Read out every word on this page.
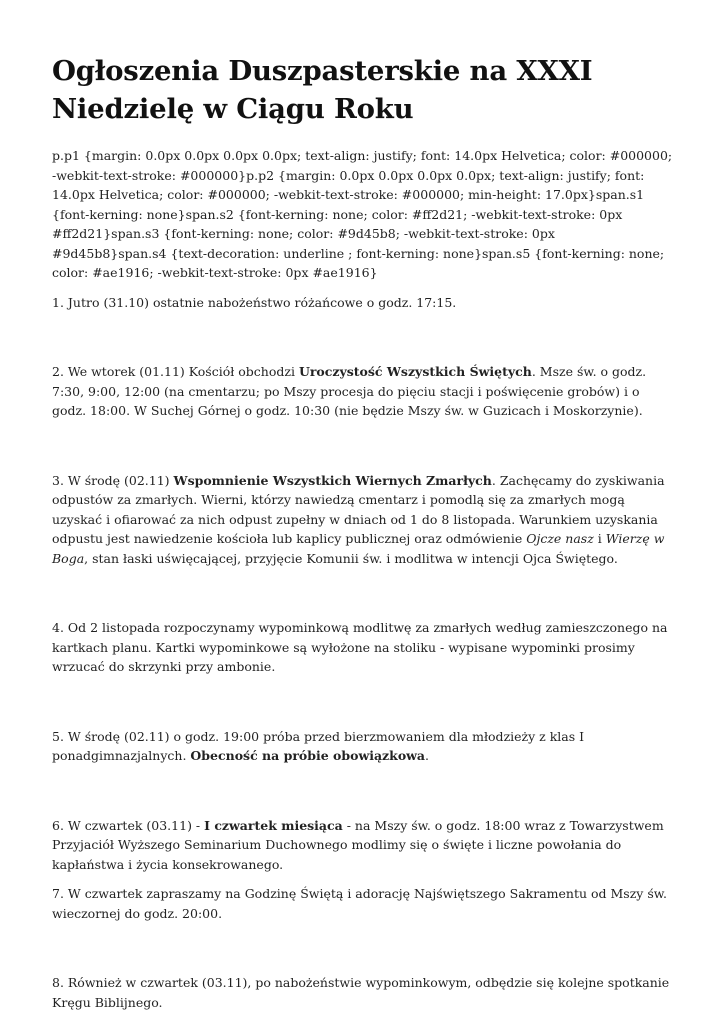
Ogłoszenia Duszpasterskie na XXXI Niedzielę w Ciągu Roku

p.p1 {margin: 0.0px 0.0px 0.0px 0.0px; text-align: justify; font: 14.0px Helvetica; color: #000000; -webkit-text-stroke: #000000}p.p2 {margin: 0.0px 0.0px 0.0px 0.0px; text-align: justify; font: 14.0px Helvetica; color: #000000; -webkit-text-stroke: #000000; min-height: 17.0px}span.s1 {font-kerning: none}span.s2 {font-kerning: none; color: #ff2d21; -webkit-text-stroke: 0px #ff2d21}span.s3 {font-kerning: none; color: #9d45b8; -webkit-text-stroke: 0px #9d45b8}span.s4 {text-decoration: underline ; font-kerning: none}span.s5 {font-kerning: none; color: #ae1916; -webkit-text-stroke: 0px #ae1916}

1. Jutro (31.10) ostatnie nabożeństwo różańcowe o godz. 17:15.

2. We wtorek (01.11) Kościół obchodzi Uroczystość Wszystkich Świętych. Msze św. o godz. 7:30, 9:00, 12:00 (na cmentarzu; po Mszy procesja do pięciu stacji i poświęcenie grobów) i o godz. 18:00. W Suchej Górnej o godz. 10:30 (nie będzie Mszy św. w Guzicach i Moskorzynie).

3. W środę (02.11) Wspomnienie Wszystkich Wiernych Zmarłych. Zachęcamy do zyskiwania odpustów za zmarłych. Wierni, którzy nawiedzą cmentarz i pomodlą się za zmarłych mogą uzyskać i ofiarować za nich odpust zupełny w dniach od 1 do 8 listopada. Warunkiem uzyskania odpustu jest nawiedzenie kościoła lub kaplicy publicznej oraz odmówienie Ojcze nasz i Wierzę w Boga, stan łaski uświęcającej, przyjęcie Komunii św. i modlitwa w intencji Ojca Świętego.

4. Od 2 listopada rozpoczynamy wypominkową modlitwę za zmarłych według zamieszczonego na kartkach planu. Kartki wypominkowe są wyłożone na stoliku - wypisane wypominki prosimy wrzucać do skrzynki przy ambonie.

5. W środę (02.11) o godz. 19:00 próba przed bierzmowaniem dla młodzieży z klas I ponadgimnazjalnych. Obecność na próbie obowiązkowa.

6. W czwartek (03.11) - I czwartek miesiąca - na Mszy św. o godz. 18:00 wraz z Towarzystwem Przyjaciół Wyższego Seminarium Duchownego modlimy się o święte i liczne powołania do kapłaństwa i życia konsekrowanego.

7. W czwartek zapraszamy na Godzinę Świętą i adorację Najświętszego Sakramentu od Mszy św. wieczornej do godz. 20:00.

8. Również w czwartek (03.11), po nabożeństwie wypominkowym, odbędzie się kolejne spotkanie Kręgu Biblijnego.
